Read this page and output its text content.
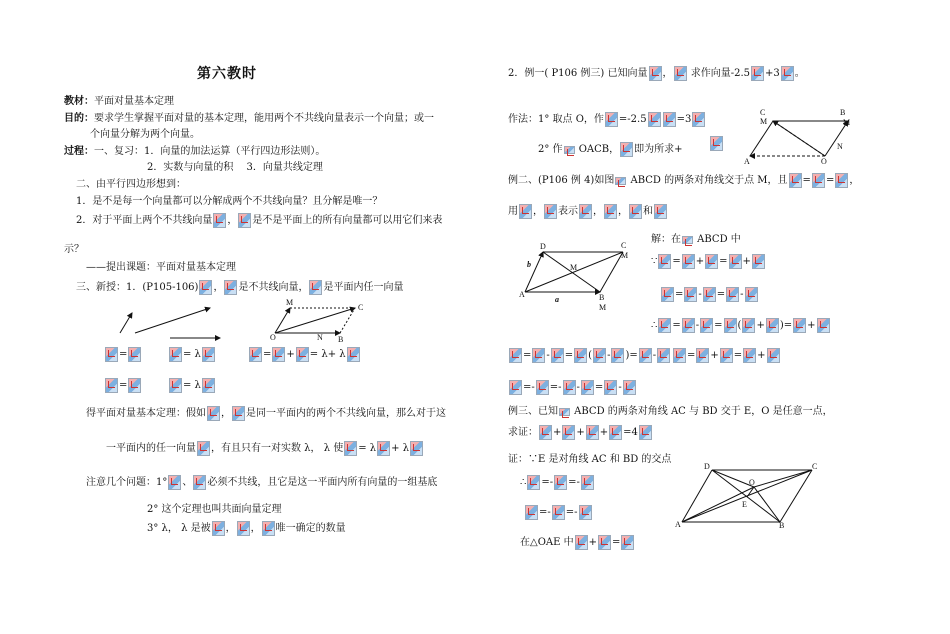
第六教时
教材：平面对量基本定理
目的：要求学生掌握平面对量的基本定理，能用两个不共线向量表示一个向量；或一
个向量分解为两个向量。
过程：一、复习：1．向量的加法运算（平行四边形法则）。
2．实数与向量的积　 3．向量共线定理
二、由平行四边形想到：
1．是不是每一个向量都可以分解成两个不共线向量？且分解是唯一？
2．对于平面上两个不共线向量 ， 是不是平面上的所有向量都可以用它们来表
示？
——提出课题：平面对量基本定理
三、新授：1．(P105-106) ， 是不共线向量， 是平面内任一向量
O	N B
M
C
=	= λ	= + = λ+ λ
=	= λ
得平面对量基本定理：假如 ， 是同一平面内的两个不共线向量，那么对于这
一平面内的任一向量 ，有且只有一对实数 λ， λ 使 = λ + λ
注意几个问题：1° 、 必须不共线，且它是这一平面内所有向量的一组基底
2° 这个定理也叫共面向量定理
3° λ， λ 是被 ， ， 唯一确定的数量
2．例一( P106 例三) 已知向量 ， 求作向量-2.5 +3 。
作法：1° 取点 O，作 =-2.5	=3
2° 作 OACB， 即为所求+
C	B
M	M
N
A	O
例二、(P106 例 4)如图 ABCD 的两条对角线交于点 M，且 = = ，
用 ， 表示 ， ， 和
D	C
M
M
A	B
M
a
b
解：在 ABCD 中
∵ = + = +
= - = -
∴ = - = ( + )= +
= - = ( - )= -	= + = +
=- =- - = -
例三、已知 ABCD 的两条对角线 AC 与 BD 交于 E，O 是任意一点，
求证： + + + =4
证：∵E 是对角线 AC 和 BD 的交点
∴ =- =-
=- =-
在△OAE 中 + =
D	C
O
E
A	B
